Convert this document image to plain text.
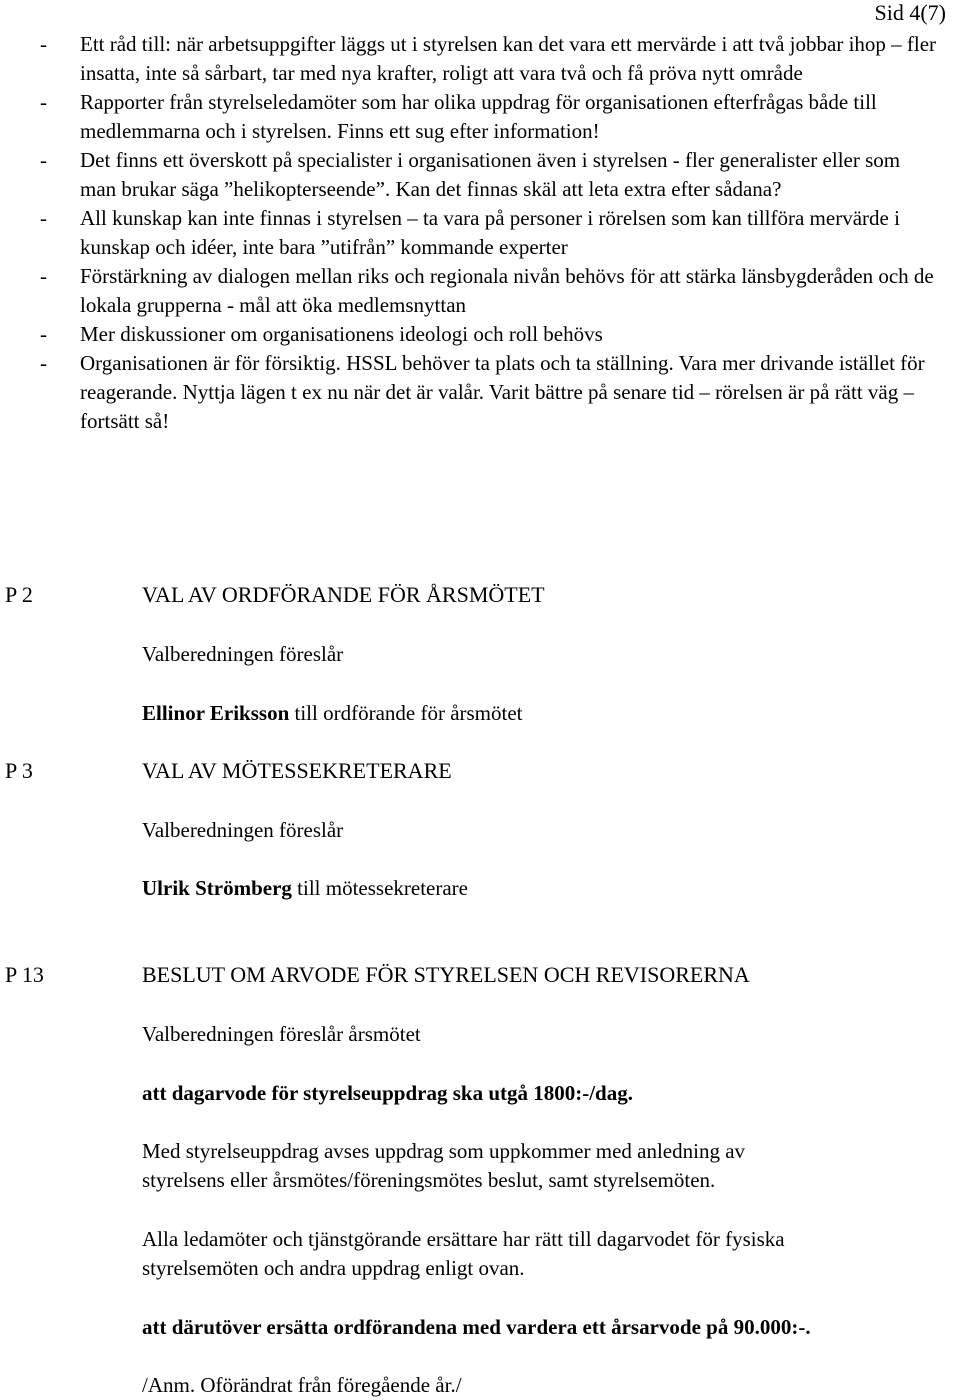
Sid 4(7)
-	Ett råd till: när arbetsuppgifter läggs ut i styrelsen kan det vara ett mervärde i att två jobbar ihop – fler insatta, inte så sårbart, tar med nya krafter, roligt att vara två och få pröva nytt område
-	Rapporter från styrelseledamöter som har olika uppdrag för organisationen efterfrågas både till medlemmarna och i styrelsen. Finns ett sug efter information!
-	Det finns ett överskott på specialister i organisationen även i styrelsen - fler generalister eller som man brukar säga ”helikopterseende”. Kan det finnas skäl att leta extra efter sådana?
-	All kunskap kan inte finnas i styrelsen – ta vara på personer i rörelsen som kan tillföra mervärde i kunskap och idéer, inte bara ”utifrån” kommande experter
-	Förstärkning av dialogen mellan riks och regionala nivån behövs för att stärka länsbygderåden och de lokala grupperna - mål att öka medlemsnyttan
-	Mer diskussioner om organisationens ideologi och roll behövs
-	Organisationen är för försiktig. HSSL behöver ta plats och ta ställning. Vara mer drivande istället för reagerande. Nyttja lägen t ex nu när det är valår. Varit bättre på senare tid – rörelsen är på rätt väg – fortsätt så!
P 2	VAL AV ORDFÖRANDE FÖR ÅRSMÖTET
Valberedningen föreslår
Ellinor Eriksson till ordförande för årsmötet
P 3	VAL AV MÖTESSEKRETERARE
Valberedningen föreslår
Ulrik Strömberg till mötessekreterare
P 13	BESLUT OM ARVODE FÖR STYRELSEN OCH REVISORERNA
Valberedningen föreslår årsmötet
att dagarvode för styrelseuppdrag ska utgå 1800:-/dag.
Med styrelseuppdrag avses uppdrag som uppkommer med anledning av
styrelsens eller årsmötes/föreningsmötes beslut, samt styrelsemöten.
Alla ledamöter och tjänstgörande ersättare har rätt till dagarvodet för fysiska
styrelsemöten och andra uppdrag enligt ovan.
att därutöver ersätta ordförandena med vardera ett årsarvode på 90.000:-.
/Anm. Oförändrat från föregående år./
